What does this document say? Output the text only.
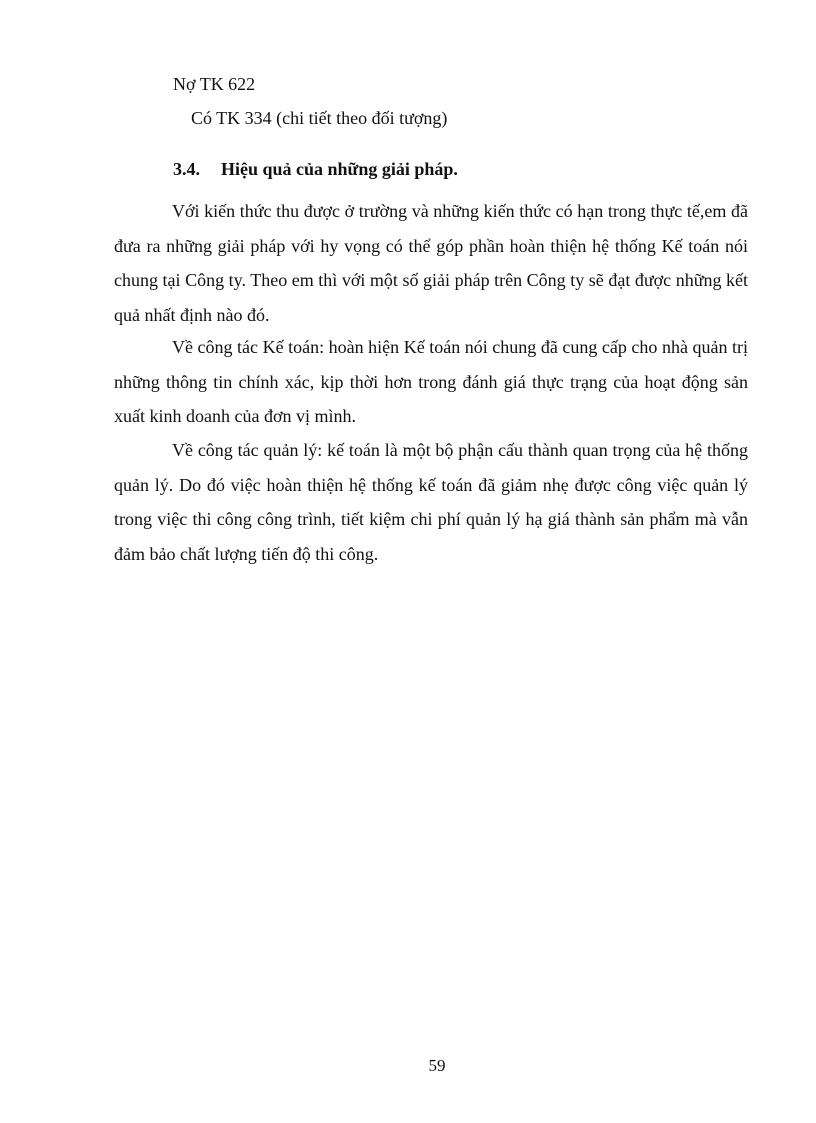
Nợ TK 622
Có TK 334 (chi tiết theo đối tượng)
3.4. Hiệu quả của những giải pháp.

Với kiến thức thu được ở trường và những kiến thức có hạn trong thực tế,em đã đưa ra những giải pháp với hy vọng có thể góp phần hoàn thiện hệ thống Kế toán nói chung tại Công ty. Theo em thì với một số giải pháp trên Công ty sẽ đạt được những kết quả nhất định nào đó.

Về công tác Kế toán: hoàn hiện Kế toán nói chung đã cung cấp cho nhà quản trị những thông tin chính xác, kịp thời hơn trong đánh giá thực trạng của hoạt động sản xuất kinh doanh của đơn vị mình.

Về công tác quản lý: kế toán là một bộ phận cấu thành quan trọng của hệ thống quản lý. Do đó việc hoàn thiện hệ thống kế toán đã giảm nhẹ được công việc quản lý trong việc thi công công trình, tiết kiệm chi phí quản lý hạ giá thành sản phẩm mà vẫn đảm bảo chất lượng tiến độ thi công.

59
